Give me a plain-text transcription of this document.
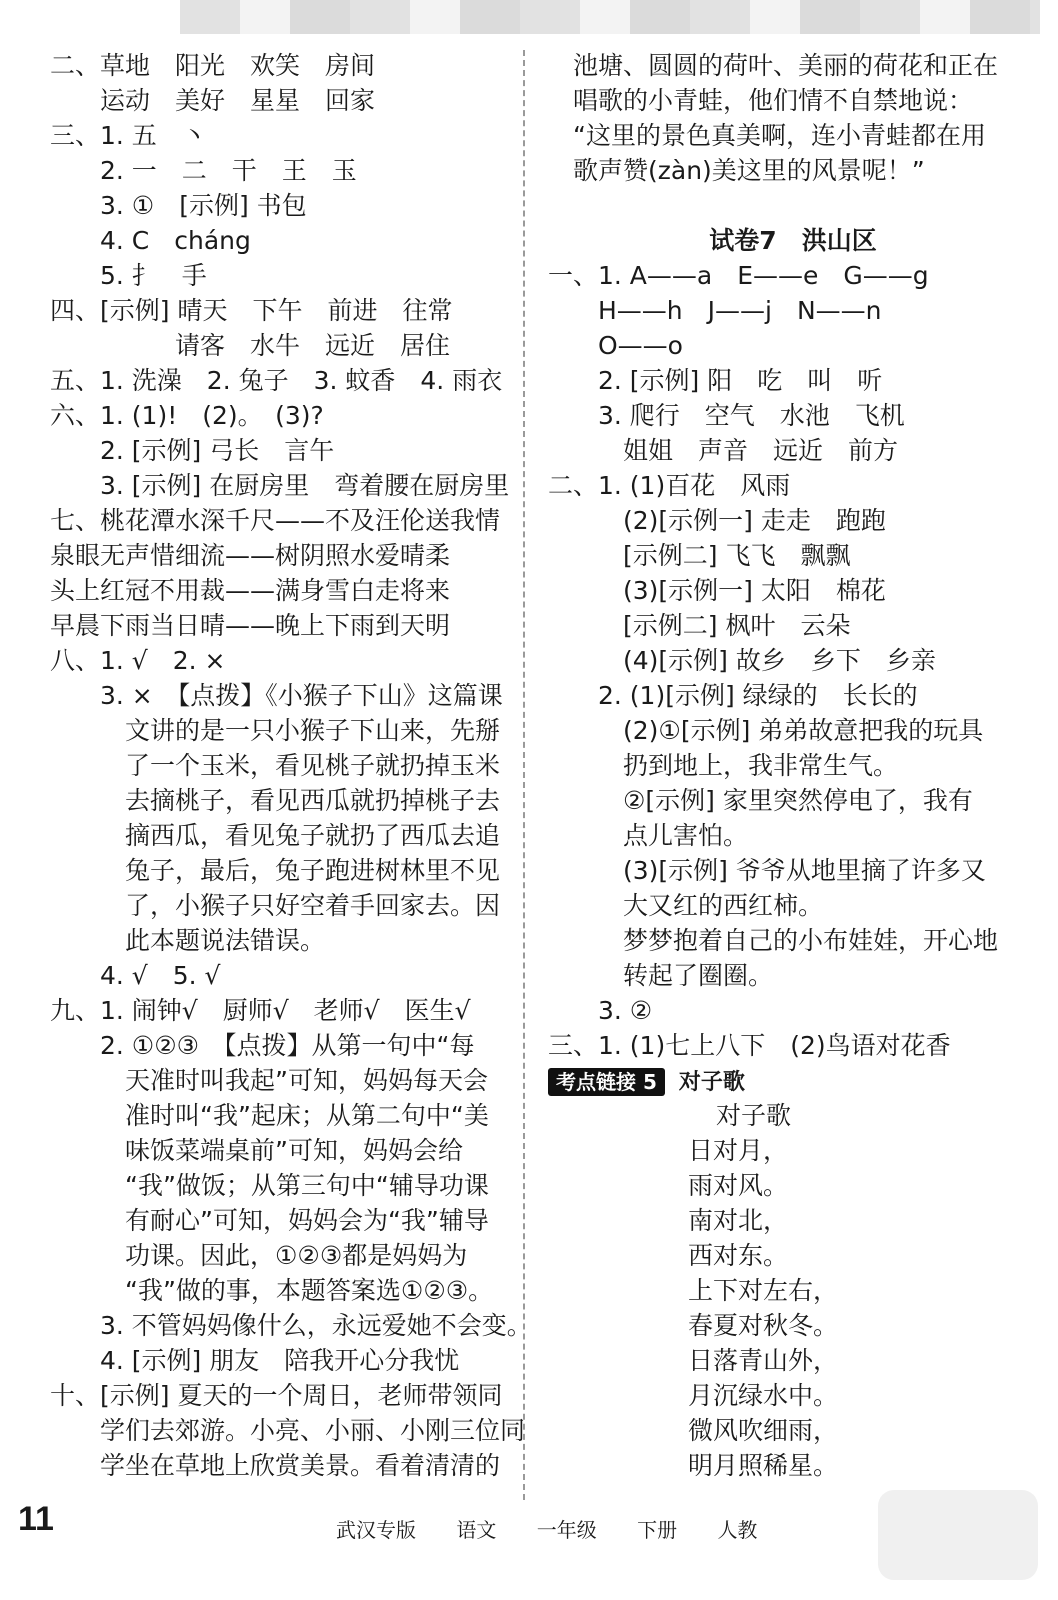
二、草地　阳光　欢笑　房间
　　运动　美好　星星　回家
三、1. 五　丶
　　2. 一　二　干　王　玉
　　3. ①　[示例] 书包
　　4. C　cháng
　　5. 扌　手
四、[示例] 晴天　下午　前进　往常
　　　　　请客　水牛　远近　居住
五、1. 洗澡　2. 兔子　3. 蚊香　4. 雨衣
六、1. (1)!　(2)。　(3)?
　　2. [示例] 弓长　言午
　　3. [示例] 在厨房里　弯着腰在厨房里
七、桃花潭水深千尺——不及汪伦送我情
泉眼无声惜细流——树阴照水爱晴柔
头上红冠不用裁——满身雪白走将来
早晨下雨当日晴——晚上下雨到天明
八、1. √　2. ×
　　3. ×　【点拨】《小猴子下山》这篇课
　　　文讲的是一只小猴子下山来，先掰
　　　了一个玉米，看见桃子就扔掉玉米
　　　去摘桃子，看见西瓜就扔掉桃子去
　　　摘西瓜，看见兔子就扔了西瓜去追
　　　兔子，最后，兔子跑进树林里不见
　　　了，小猴子只好空着手回家去。因
　　　此本题说法错误。
　　4. √　5. √
九、1. 闹钟√　厨师√　老师√　医生√
　　2. ①②③　【点拨】从第一句中“每
　　　天准时叫我起”可知，妈妈每天会
　　　准时叫“我”起床；从第二句中“美
　　　味饭菜端桌前”可知，妈妈会给
　　　“我”做饭；从第三句中“辅导功课
　　　有耐心”可知，妈妈会为“我”辅导
　　　功课。因此，①②③都是妈妈为
　　　“我”做的事，本题答案选①②③。
　　3. 不管妈妈像什么，永远爱她不会变。
　　4. [示例] 朋友　陪我开心分我忧
十、[示例] 夏天的一个周日，老师带领同
　　学们去郊游。小亮、小丽、小刚三位同
　　学坐在草地上欣赏美景。看着清清的
　池塘、圆圆的荷叶、美丽的荷花和正在
　唱歌的小青蛙，他们情不自禁地说：
　“这里的景色真美啊，连小青蛙都在用
　歌声赞(zàn)美这里的风景呢！”
试卷7　洪山区
一、1. A——a　E——e　G——g
　　H——h　J——j　N——n
　　O——o
　　2. [示例] 阳　吃　叫　听
　　3. 爬行　空气　水池　飞机
　　　姐姐　声音　远近　前方
二、1. (1)百花　风雨
　　　(2)[示例一] 走走　跑跑
　　　[示例二] 飞飞　飘飘
　　　(3)[示例一] 太阳　棉花
　　　[示例二] 枫叶　云朵
　　　(4)[示例] 故乡　乡下　乡亲
　　2. (1)[示例] 绿绿的　长长的
　　　(2)①[示例] 弟弟故意把我的玩具
　　　扔到地上，我非常生气。
　　　②[示例] 家里突然停电了，我有
　　　点儿害怕。
　　　(3)[示例] 爷爷从地里摘了许多又
　　　大又红的西红柿。
　　　梦梦抱着自己的小布娃娃，开心地
　　　转起了圈圈。
　　3. ②
三、1. (1)七上八下　(2)鸟语对花香
考点链接 5 对子歌
对子歌
日对月，
雨对风。
南对北，
西对东。
上下对左右，
春夏对秋冬。
日落青山外，
月沉绿水中。
微风吹细雨，
明月照稀星。
11	武汉专版 语文 一年级 下册 人教
